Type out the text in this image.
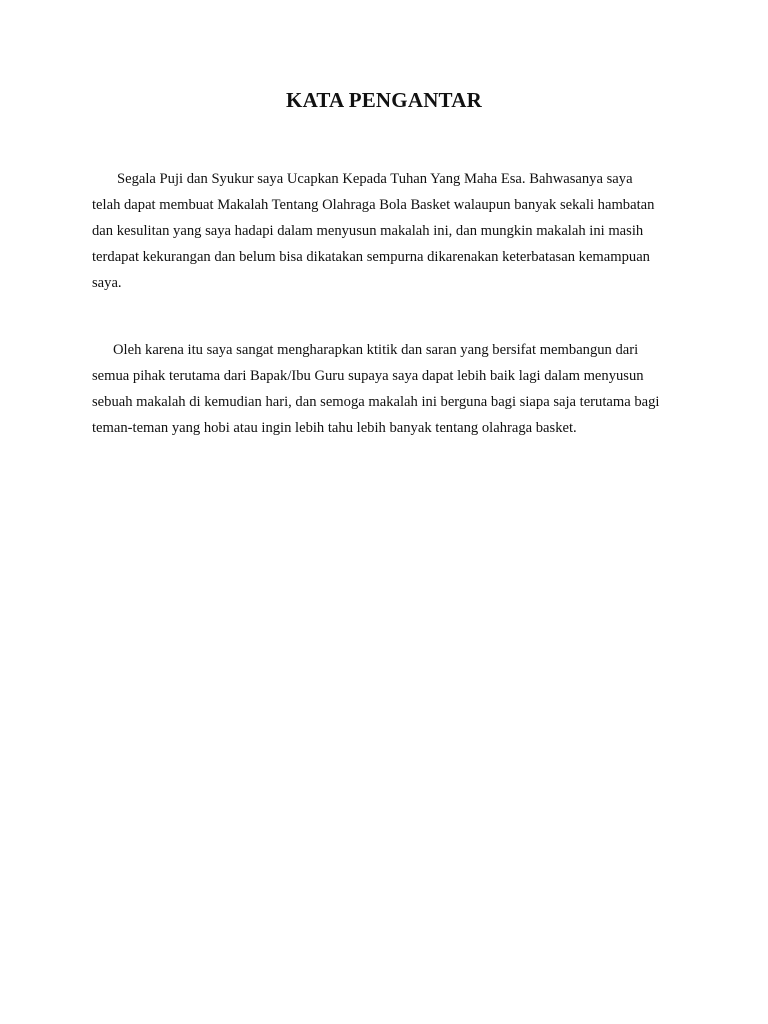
KATA PENGANTAR
Segala Puji dan Syukur saya Ucapkan Kepada Tuhan Yang Maha Esa. Bahwasanya saya
telah dapat membuat Makalah Tentang Olahraga Bola Basket walaupun banyak sekali hambatan
dan kesulitan yang saya hadapi dalam menyusun makalah ini, dan mungkin makalah ini masih
terdapat kekurangan dan belum bisa dikatakan sempurna dikarenakan keterbatasan kemampuan
saya.
Oleh karena itu saya sangat mengharapkan ktitik dan saran yang bersifat membangun dari
semua pihak terutama dari Bapak/Ibu Guru supaya saya dapat lebih baik lagi dalam menyusun
sebuah makalah di kemudian hari, dan semoga makalah ini berguna bagi siapa saja terutama bagi
teman-teman yang hobi atau ingin lebih tahu lebih banyak tentang olahraga basket.
